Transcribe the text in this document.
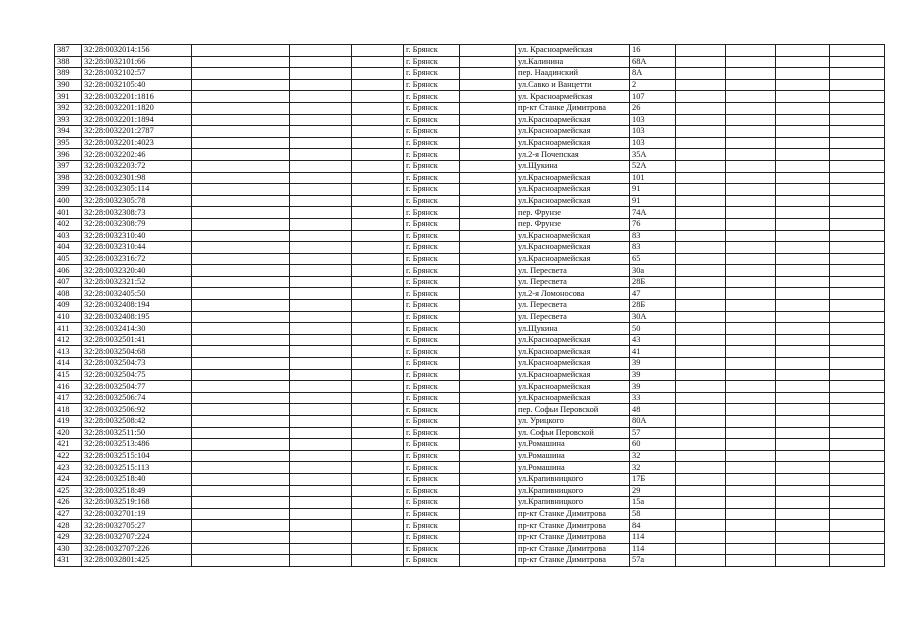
387	32:28:0032014:156				г. Брянск		ул. Красноармейская	16				
388	32:28:0032101:66				г. Брянск		ул.Калинина	68А				
389	32:28:0032102:57				г. Брянск		пер. Наадинский	8А				
390	32:28:0032105:40				г. Брянск		ул.Савко и Ванцетти	2				
391	32:28:0032201:1816				г. Брянск		ул. Красноармейская	107				
392	32:28:0032201:1820				г. Брянск		пр-кт Станке Димитрова	26				
393	32:28:0032201:1894				г. Брянск		ул.Красноармейская	103				
394	32:28:0032201:2787				г. Брянск		ул.Красноармейская	103				
395	32:28:0032201:4023				г. Брянск		ул.Красноармейская	103				
396	32:28:0032202:46				г. Брянск		ул.2-я Почепская	35А				
397	32:28:0032203:72				г. Брянск		ул.Щукина	52А				
398	32:28:0032301:98				г. Брянск		ул.Красноармейская	101				
399	32:28:0032305:114				г. Брянск		ул.Красноармейская	91				
400	32:28:0032305:78				г. Брянск		ул.Красноармейская	91				
401	32:28:0032308:73				г. Брянск		пер. Фрунзе	74А				
402	32:28:0032308:79				г. Брянск		пер. Фрунзе	76				
403	32:28:0032310:40				г. Брянск		ул.Красноармейская	83				
404	32:28:0032310:44				г. Брянск		ул.Красноармейская	83				
405	32:28:0032316:72				г. Брянск		ул.Красноармейская	65				
406	32:28:0032320:40				г. Брянск		ул. Пересвета	30а				
407	32:28:0032321:52				г. Брянск		ул. Пересвета	28Б				
408	32:28:0032405:50				г. Брянск		ул.2-я Ломоносова	47				
409	32:28:0032408:194				г. Брянск		ул. Пересвета	28Б				
410	32:28:0032408:195				г. Брянск		ул. Пересвета	30А				
411	32:28:0032414:30				г. Брянск		ул.Щукина	50				
412	32:28:0032501:41				г. Брянск		ул.Красноармейская	43				
413	32:28:0032504:68				г. Брянск		ул.Красноармейская	41				
414	32:28:0032504:73				г. Брянск		ул.Красноармейская	39				
415	32:28:0032504:75				г. Брянск		ул.Красноармейская	39				
416	32:28:0032504:77				г. Брянск		ул.Красноармейская	39				
417	32:28:0032506:74				г. Брянск		ул.Красноармейская	33				
418	32:28:0032506:92				г. Брянск		пер. Софьи Перовской	48				
419	32:28:0032508:42				г. Брянск		ул. Урицкого	80А				
420	32:28:0032511:50				г. Брянск		ул. Софьи Перовской	57				
421	32:28:0032513:486				г. Брянск		ул.Ромашина	60				
422	32:28:0032515:104				г. Брянск		ул.Ромашина	32				
423	32:28:0032515:113				г. Брянск		ул.Ромашина	32				
424	32:28:0032518:40				г. Брянск		ул.Крапивницкого	17Б				
425	32:28:0032518:49				г. Брянск		ул.Крапивницкого	29				
426	32:28:0032519:168				г. Брянск		ул.Крапивницкого	15а				
427	32:28:0032701:19				г. Брянск		пр-кт Станке Димитрова	58				
428	32:28:0032705:27				г. Брянск		пр-кт Станке Димитрова	84				
429	32:28:0032707:224				г. Брянск		пр-кт Станке Димитрова	114				
430	32:28:0032707:226				г. Брянск		пр-кт Станке Димитрова	114				
431	32:28:0032801:425				г. Брянск		пр-кт Станке Димитрова	57а				
